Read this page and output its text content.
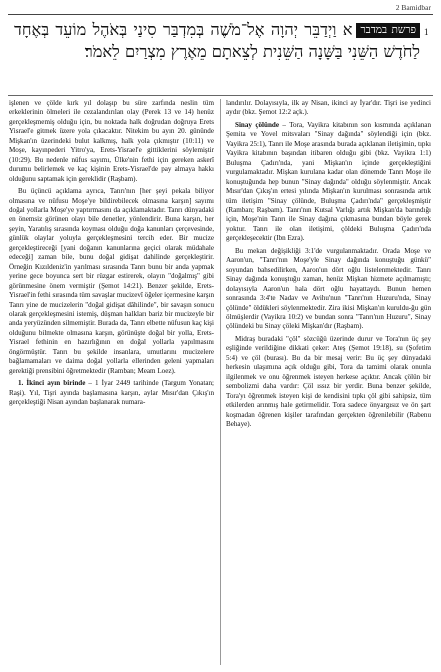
2 Bamidbar
1
פרשת במדברא וַיְדַבֵּר יְהוָה אֶל־מֹשֶׁה בְּמִדְבַּר סִינַי בְּאֹהֶל מוֹעֵד בְּאֶחָד לַחֹדֶשׁ הַשֵּׁנִי בַּשָּׁנָה הַשֵּׁנִית לְצֵאתָם מֵאֶרֶץ מִצְרַיִם לֵאמֹר׃

işlenen ve çölde kırk yıl dolaşıp bu süre zarfında neslin tüm erkeklerinin ölmeleri ile cezalandırılan olay (Perek 13 ve 14) henüz gerçekleşmemiş olduğu için, bu noktada halk doğrudan doğruya Erets Yisrael'e gitmek üzere yola çıkacaktır. Nitekim bu ayın 20. gününde Mişkan'ın üzerindeki bulut kalkmış, halk yola çıkmıştır (10:11) ve Moşe, kayınpederi Yitro'ya, Erets-Yisrael'e gittiklerini söylemiştir (10:29). Bu nedenle nüfus sayımı, Ülke'nin fethi için gereken askerî durumu belirlemek ve kaç kişinin Erets-Yisrael'de pay almaya hakkı olduğunu saptamak için gereklidir (Raşbam).

Bu üçüncü açıklama ayrıca, Tanrı'nın [her şeyi pekala biliyor olmasına ve nüfusu Moşe'ye bildirebilecek olmasına karşın] sayımı doğal yollarla Moşe'ye yaptırmasını da açıklamaktadır. Tanrı dünyadaki en önemsiz görünen olayı bile denetler, yönlendirir. Buna karşın, her şeyin, Yaratılış sırasında koyması olduğu doğa kanunları çerçevesinde, günlük olaylar yoluyla gerçekleşmesini tercih eder. Bir mucize gerçekleştireceği [yani doğanın kanunlarına geçici olarak müdahale edeceği] zaman bile, bunu doğal gidişat dahilinde gerçekleştirir. Örneğin Kızıldeniz'in yarılması sırasında Tanrı bunu bir anda yapmak yerine gece boyunca sert bir rüzgar estirerek, olayın "doğalmış" gibi görünmesine önem vermiştir (Şemot 14:21). Benzer şekilde, Erets-Yisrael'in fethi sırasında tüm savaşlar mucizevî öğeler içermesine karşın Tanrı yine de mucizelerin "doğal gidişat dâhilinde", bir savaşın sonucu olarak gerçekleşmesini istemiş, düşman halkları bariz bir mucizeyle bir anda yeryüzünden silmemiştir. Burada da, Tanrı elbette nüfusun kaç kişi olduğunu bilmekte olmasına karşın, görünüşte doğal bir yolla, Erets-Yisrael fethinin en hazırlığının en doğal yollarla yapılmasını öngörmüştür. Tanrı bu şekilde insanlara, umutlarını mucizelere bağlamamaları ve daima doğal yollarla ellerinden geleni yapmaları gerektiği prensibini öğretmektedir (Ramban; Meam Loez).

1. İkinci ayın birinde – 1 İyar 2449 tarihinde (Targum Yonatan; Raşi). Yıl, Tişri ayında başlamasına karşın, aylar Mısır'dan Çıkış'ın gerçekleştiği Nisan ayından başlanarak numara-

landırılır. Dolayısıyla, ilk ay Nisan, ikinci ay İyar'dır. Tişri ise yedinci aydır (bkz. Şemot 12:2 açk.).

Sinay çölünde – Tora, Vayikra kitabının son kısmında açıklanan Şemita ve Yovel mitsvaları "Sinay dağında" söylendiği için (bkz. Vayikra 25:1), Tanrı ile Moşe arasında burada açıklanan iletişimin, tıpkı Vayikra kitabının başından itibaren olduğu gibi (bkz. Vayikra 1:1) Buluşma Çadırı'nda, yani Mişkan'ın içinde gerçekleştiğini vurgulamaktadır. Mişkan kurulana kadar olan dönemde Tanrı Moşe ile konuştuğunda hep bunun "Sinay dağında" olduğu söylenmiştir. Ancak Mısır'dan Çıkış'ın ertesi yılında Mişkan'ın kurulması sonrasında artık tüm iletişim "Sinay çölünde, Buluşma Çadırı'nda" gerçekleşmiştir (Ramban; Raşbam). Tanrı'nın Kutsal Varlığı artık Mişkan'da barındığı için, Moşe'nin Tanrı ile Sinay dağına çıkmasına bundan böyle gerek yoktur. Tanrı ile olan iletişimi, çöldeki Buluşma Çadırı'nda gerçekleşecektir (Ibn Ezra).

Bu mekan değişikliği 3:1'de vurgulanmaktadır. Orada Moşe ve Aaron'un, "Tanrı'nın Moşe'yle Sinay dağında konuştuğu günkü" soyundan bahsedilirken, Aaron'un dört oğlu listelenmektedir. Tanrı Sinay dağında konuştuğu zaman, henüz Mişkan hizmete açılmamıştı; dolayısıyla Aaron'un hala dört oğlu hayattaydı. Bunun hemen sonrasında 3:4'te Nadav ve Avihu'nun "Tanrı'nın Huzuru'nda, Sinay çölünde" öldükleri söylenmektedir. Zira ikisi Mişkan'ın kuruldu-ğu gün ölmüşlerdir (Vayikra 10:2) ve bundan sonra "Tanrı'nın Huzuru", Sinay çölündeki bu Sinay çöleki Mişkan'dır (Raşbam).

Midraş buradaki "çöl" sözcüğü üzerinde durur ve Tora'nın üç şey eşliğinde verildiğine dikkati çeker: Ateş (Şemot 19:18), su (Şofetim 5:4) ve çöl (burası). Bu da bir mesaj verir: Bu üç şey dünyadaki herkesin ulaşımına açık olduğu gibi, Tora da tamimi olarak onunla ilgilenmek ve onu öğrenmek isteyen herkese açıktır. Ancak çölün bir sembolizmi daha vardır: Çöl ıssız bir yerdir. Buna benzer şekilde, Tora'yı öğrenmek isteyen kişi de kendisini tıpkı çöl gibi sahipsiz, tüm etkilerden arınmış hale getirmelidir. Tora sadece önyargısız ve ön şart koşmadan öğrenen kişiler tarafından gerçekten öğrenilebilir (Rabenu Behaye).
